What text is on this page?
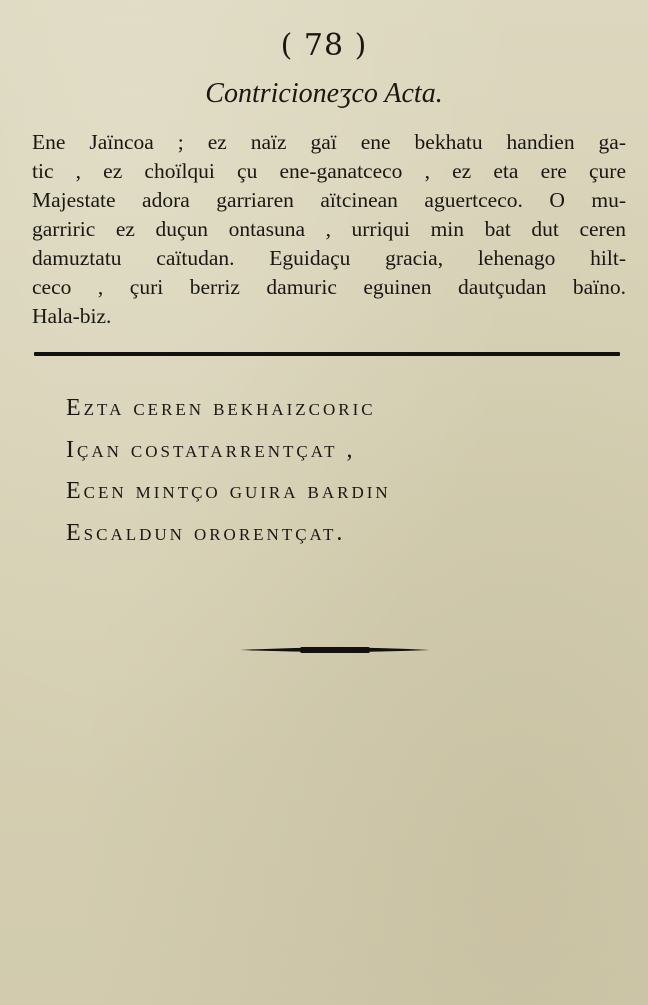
( 78 )
Contricioneʒco Acta.
Ene Jaïncoa ; ez naïz gaï ene bekhatu handien ga-
tic , ez choïlqui çu ene-ganatceco , ez eta ere çure
Majestate adora garriaren aïtcinean aguertceco. O mu-
garriric ez duçun ontasuna , urriqui min bat dut ceren
damuztatu caïtudan. Eguidaçu gracia, lehenago hilt-
ceco , çuri berriz damuric eguinen dautçudan baïno.
Hala-biz.
Ezta ceren bekhaizcoric
Içan costatarrentçat ,
Ecen mintço guira bardin
Escaldun ororentçat.
